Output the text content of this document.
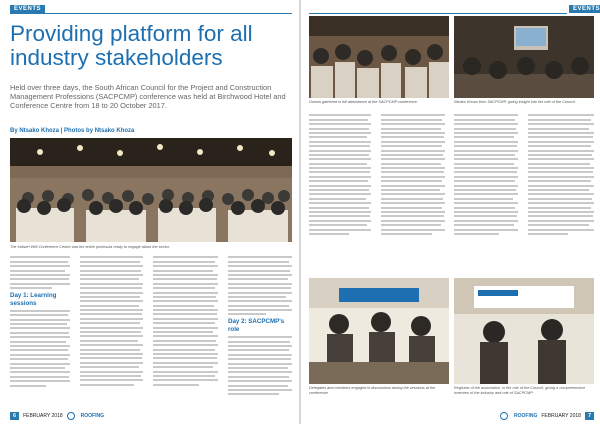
EVENTS
Providing platform for all industry stakeholders
Held over three days, the South African Council for the Project and Construction Management Professions (SACPCMP) conference was held at Birchwood Hotel and Conference Centre from 18 to 20 October 2017.
By Ntsako Khoza | Photos by Ntsako Khoza
The Indiwe+WM Conference Centre and the entire peninsula ready to engage about the sector.
Day 1: Learning sessions
Day 2: SACPCMP's role
6	FEBRUARY 2018	ROOFING
EVENTS
Guests gathered in full attendance at the SACPCMP conference.	Ntsako Khoza from SACPCMP, giving insight into the role of the Council.
Delegates and members engaged in discussions during the sessions at the conference.
Registrar of the association, in the role of the Council, giving a comprehensive overview of the industry and role of SACPCMP.
ROOFING FEBRUARY 2018	7
